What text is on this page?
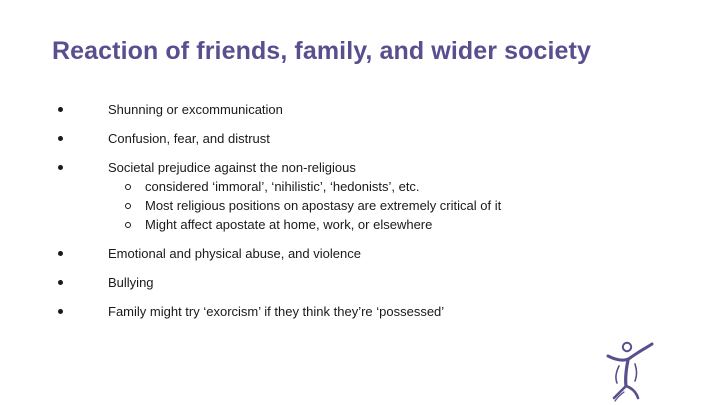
Reaction of friends, family, and wider society
Shunning or excommunication
Confusion, fear, and distrust
Societal prejudice against the non-religious
considered ‘immoral’, ‘nihilistic’, ‘hedonists’, etc.
Most religious positions on apostasy are extremely critical of it
Might affect apostate at home, work, or elsewhere
Emotional and physical abuse, and violence
Bullying
Family might try ‘exorcism’ if they think they’re ‘possessed’
